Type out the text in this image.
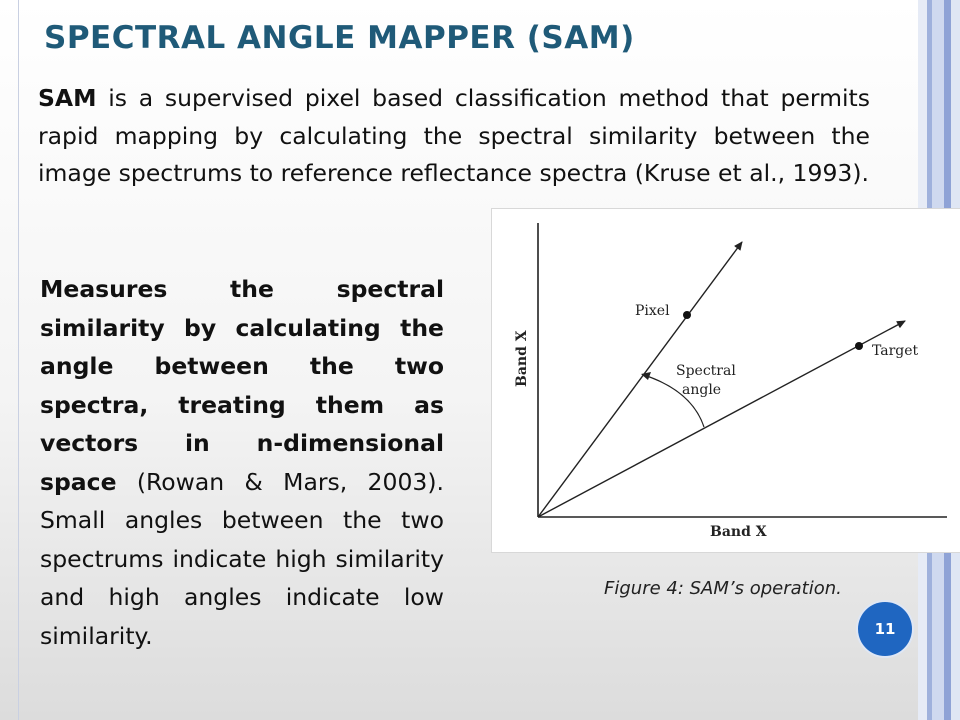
SPECTRAL ANGLE MAPPER (SAM)

SAM is a supervised pixel based classification method that permits rapid mapping by calculating the spectral similarity between the image spectrums to reference reflectance spectra (Kruse et al., 1993).

Measures the spectral similarity by calculating the angle between the two spectra, treating them as vectors in n-dimensional space (Rowan & Mars, 2003). Small angles between the two spectrums indicate high similarity and high angles indicate low similarity.

Pixel
Target
Spectral
angle
Band X
Band X

Figure 4: SAM’s operation.

11
